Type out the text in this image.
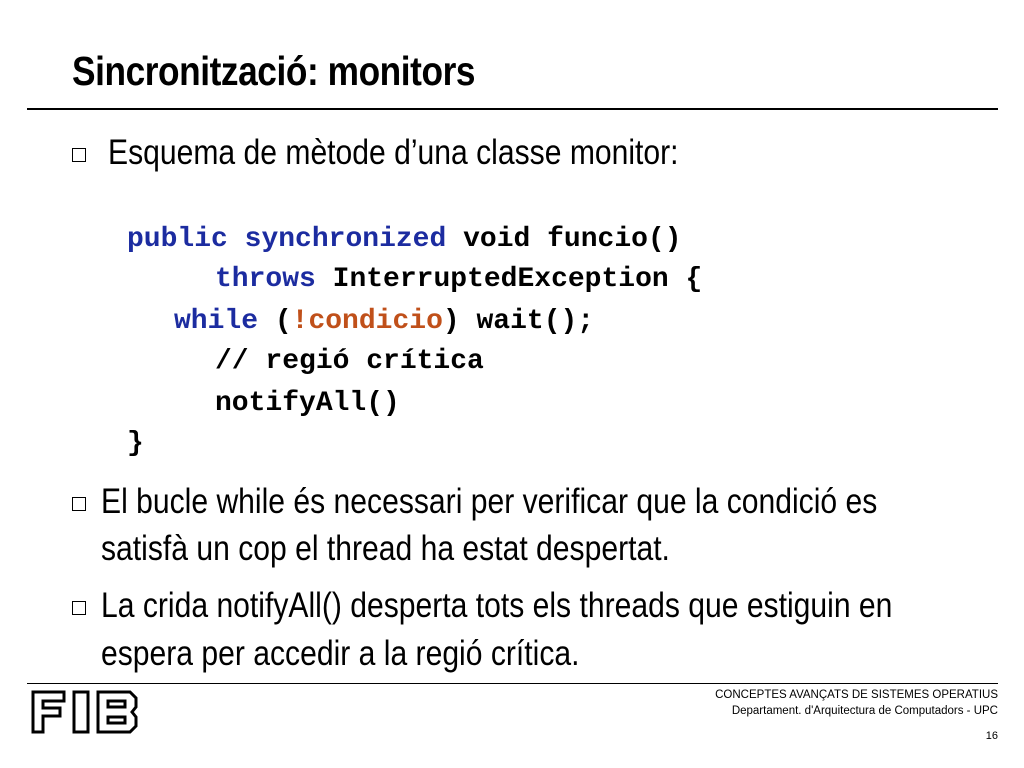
Sincronització: monitors
Esquema de mètode d’una classe monitor:
public synchronized void funcio()
throws InterruptedException {
while (!condicio) wait();
// regió crítica
notifyAll()
}
El bucle while és necessari per verificar que la condició es
satisfà un cop el thread ha estat despertat.
La crida notifyAll() desperta tots els threads que estiguin en
espera per accedir a la regió crítica.
CONCEPTES AVANÇATS DE SISTEMES OPERATIUS
Departament. d'Arquitectura de Computadors - UPC
16
